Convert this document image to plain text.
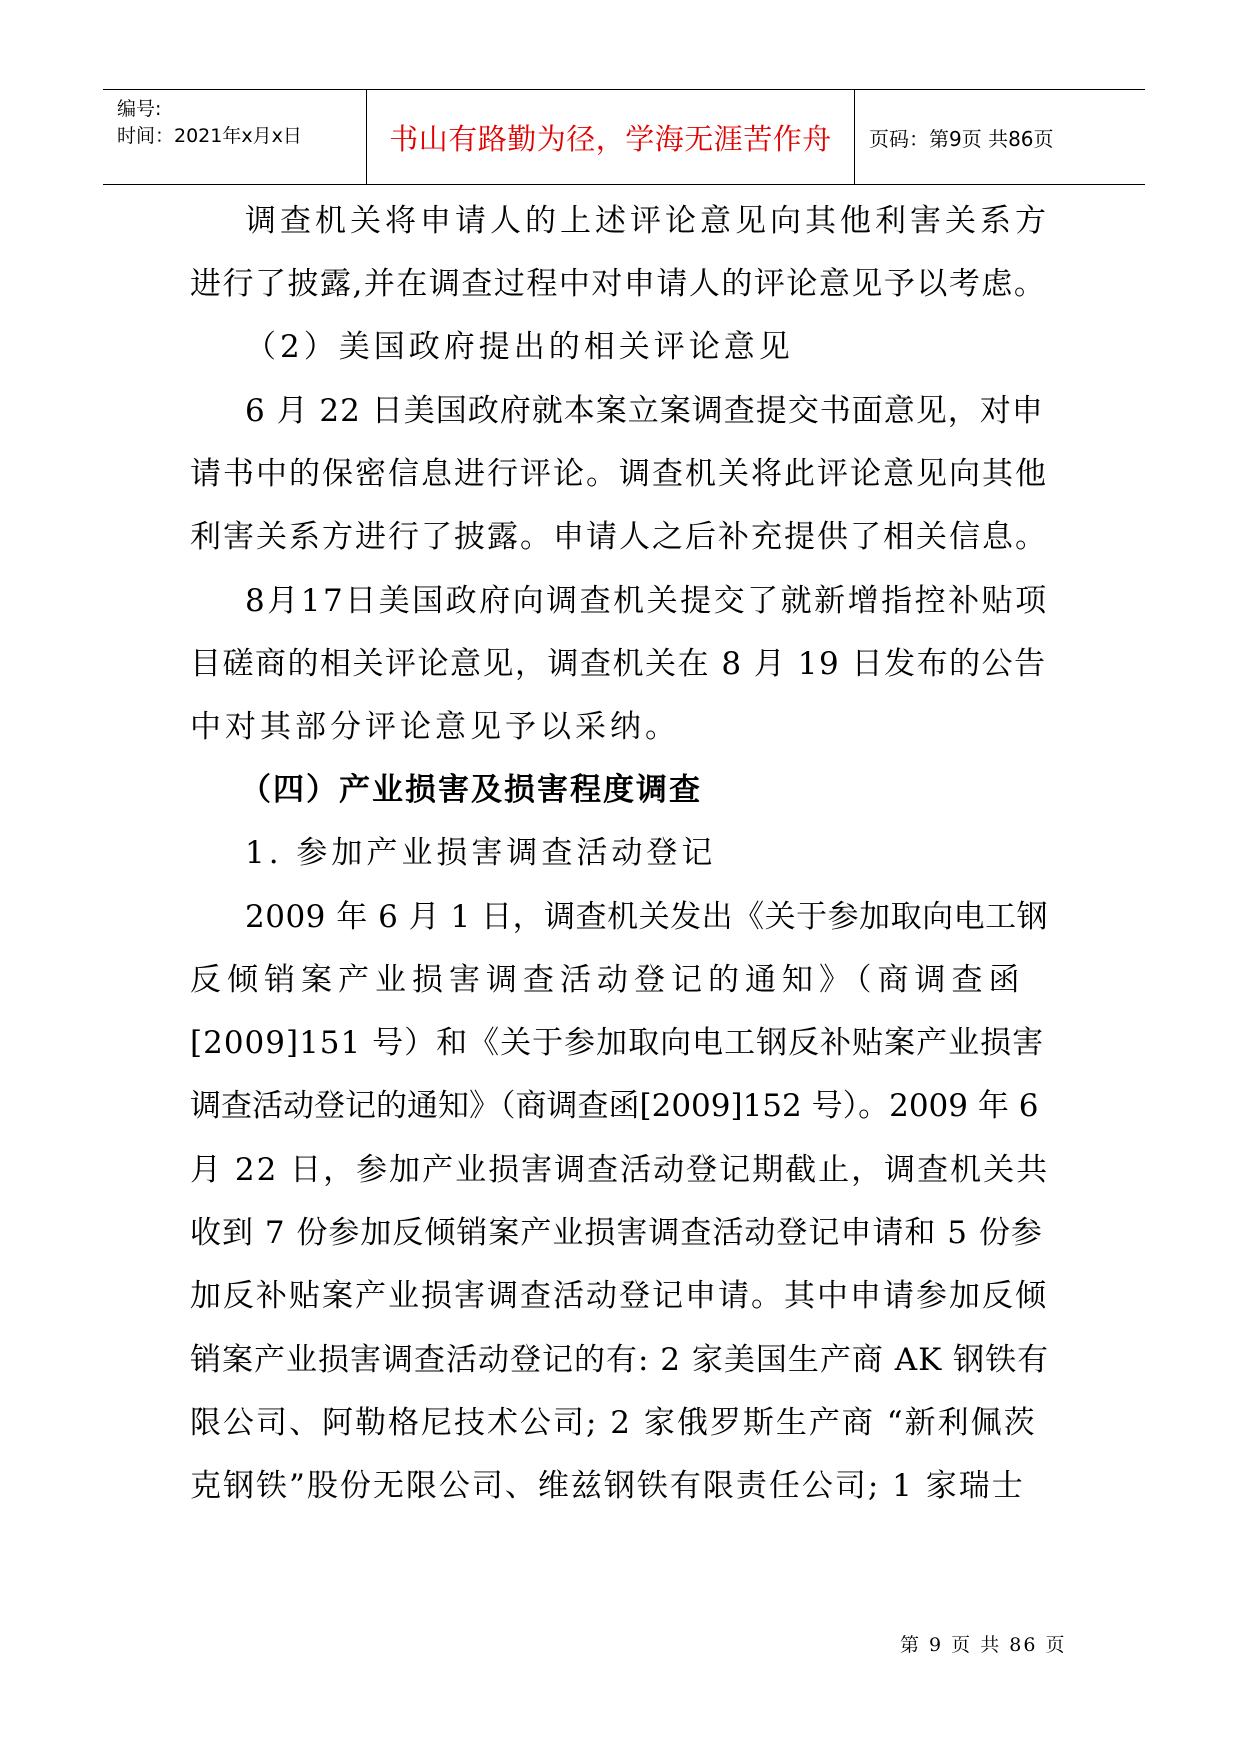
编号:
时间：2021年x月x日	书山有路勤为径，学海无涯苦作舟 页码：第9页 共86页
调查机关将申请人的上述评论意见向其他利害关系方
进行了披露,并在调查过程中对申请人的评论意见予以考虑。
（2）美国政府提出的相关评论意见
6 月 22 日美国政府就本案立案调查提交书面意见，对申
请书中的保密信息进行评论。调查机关将此评论意见向其他
利害关系方进行了披露。申请人之后补充提供了相关信息。
8月17日美国政府向调查机关提交了就新增指控补贴项
目磋商的相关评论意见，调查机关在 8 月 19 日发布的公告
中对其部分评论意见予以采纳。
（四）产业损害及损害程度调查
1. 参加产业损害调查活动登记
2009 年 6 月 1 日，调查机关发出《关于参加取向电工钢
反倾销案产业损害调查活动登记的通知》（商调查函
[2009]151 号）和《关于参加取向电工钢反补贴案产业损害
调查活动登记的通知》（商调查函[2009]152 号）。2009 年 6
月 22 日，参加产业损害调查活动登记期截止，调查机关共
收到 7 份参加反倾销案产业损害调查活动登记申请和 5 份参
加反补贴案产业损害调查活动登记申请。其中申请参加反倾
销案产业损害调查活动登记的有: 2 家美国生产商 AK 钢铁有
限公司、阿勒格尼技术公司; 2 家俄罗斯生产商 “新利佩茨
克钢铁”股份无限公司、维兹钢铁有限责任公司; 1 家瑞士
第 9 页 共 86 页
